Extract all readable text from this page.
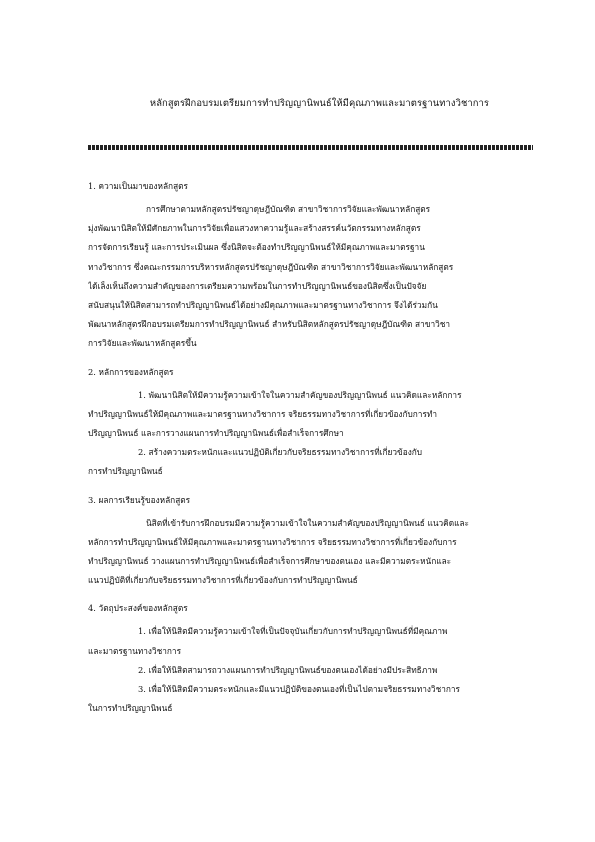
หลักสูตรฝึกอบรมเตรียมการทำปริญญานิพนธ์ให้มีคุณภาพและมาตรฐานทางวิชาการ
1. ความเป็นมาของหลักสูตร
การศึกษาตามหลักสูตรปรัชญาดุษฎีบัณฑิต สาขาวิชาการวิจัยและพัฒนาหลักสูตร
มุ่งพัฒนานิสิตให้มีศักยภาพในการวิจัยเพื่อแสวงหาความรู้และสร้างสรรค์นวัตกรรมทางหลักสูตร
การจัดการเรียนรู้ และการประเมินผล ซึ่งนิสิตจะต้องทำปริญญานิพนธ์ให้มีคุณภาพและมาตรฐาน
ทางวิชาการ ซึ่งคณะกรรมการบริหารหลักสูตรปรัชญาดุษฎีบัณฑิต สาขาวิชาการวิจัยและพัฒนาหลักสูตร
ได้เล็งเห็นถึงความสำคัญของการเตรียมความพร้อมในการทำปริญญานิพนธ์ของนิสิตซึ่งเป็นปัจจัย
สนับสนุนให้นิสิตสามารถทำปริญญานิพนธ์ได้อย่างมีคุณภาพและมาตรฐานทางวิชาการ จึงได้ร่วมกัน
พัฒนาหลักสูตรฝึกอบรมเตรียมการทำปริญญานิพนธ์ สำหรับนิสิตหลักสูตรปรัชญาดุษฎีบัณฑิต สาขาวิชา
การวิจัยและพัฒนาหลักสูตรขึ้น
2. หลักการของหลักสูตร
1. พัฒนานิสิตให้มีความรู้ความเข้าใจในความสำคัญของปริญญานิพนธ์ แนวคิดและหลักการ
ทำปริญญานิพนธ์ให้มีคุณภาพและมาตรฐานทางวิชาการ จริยธรรมทางวิชาการที่เกี่ยวข้องกับการทำ
ปริญญานิพนธ์ และการวางแผนการทำปริญญานิพนธ์เพื่อสำเร็จการศึกษา
2. สร้างความตระหนักและแนวปฏิบัติเกี่ยวกับจริยธรรมทางวิชาการที่เกี่ยวข้องกับ
การทำปริญญานิพนธ์
3. ผลการเรียนรู้ของหลักสูตร
นิสิตที่เข้ารับการฝึกอบรมมีความรู้ความเข้าใจในความสำคัญของปริญญานิพนธ์ แนวคิดและ
หลักการทำปริญญานิพนธ์ให้มีคุณภาพและมาตรฐานทางวิชาการ จริยธรรมทางวิชาการที่เกี่ยวข้องกับการ
ทำปริญญานิพนธ์ วางแผนการทำปริญญานิพนธ์เพื่อสำเร็จการศึกษาของตนเอง และมีความตระหนักและ
แนวปฏิบัติที่เกี่ยวกับจริยธรรมทางวิชาการที่เกี่ยวข้องกับการทำปริญญานิพนธ์
4. วัตถุประสงค์ของหลักสูตร
1. เพื่อให้นิสิตมีความรู้ความเข้าใจที่เป็นปัจจุบันเกี่ยวกับการทำปริญญานิพนธ์ที่มีคุณภาพ
และมาตรฐานทางวิชาการ
2. เพื่อให้นิสิตสามารถวางแผนการทำปริญญานิพนธ์ของตนเองได้อย่างมีประสิทธิภาพ
3. เพื่อให้นิสิตมีความตระหนักและมีแนวปฏิบัติของตนเองที่เป็นไปตามจริยธรรมทางวิชาการ
ในการทำปริญญานิพนธ์
